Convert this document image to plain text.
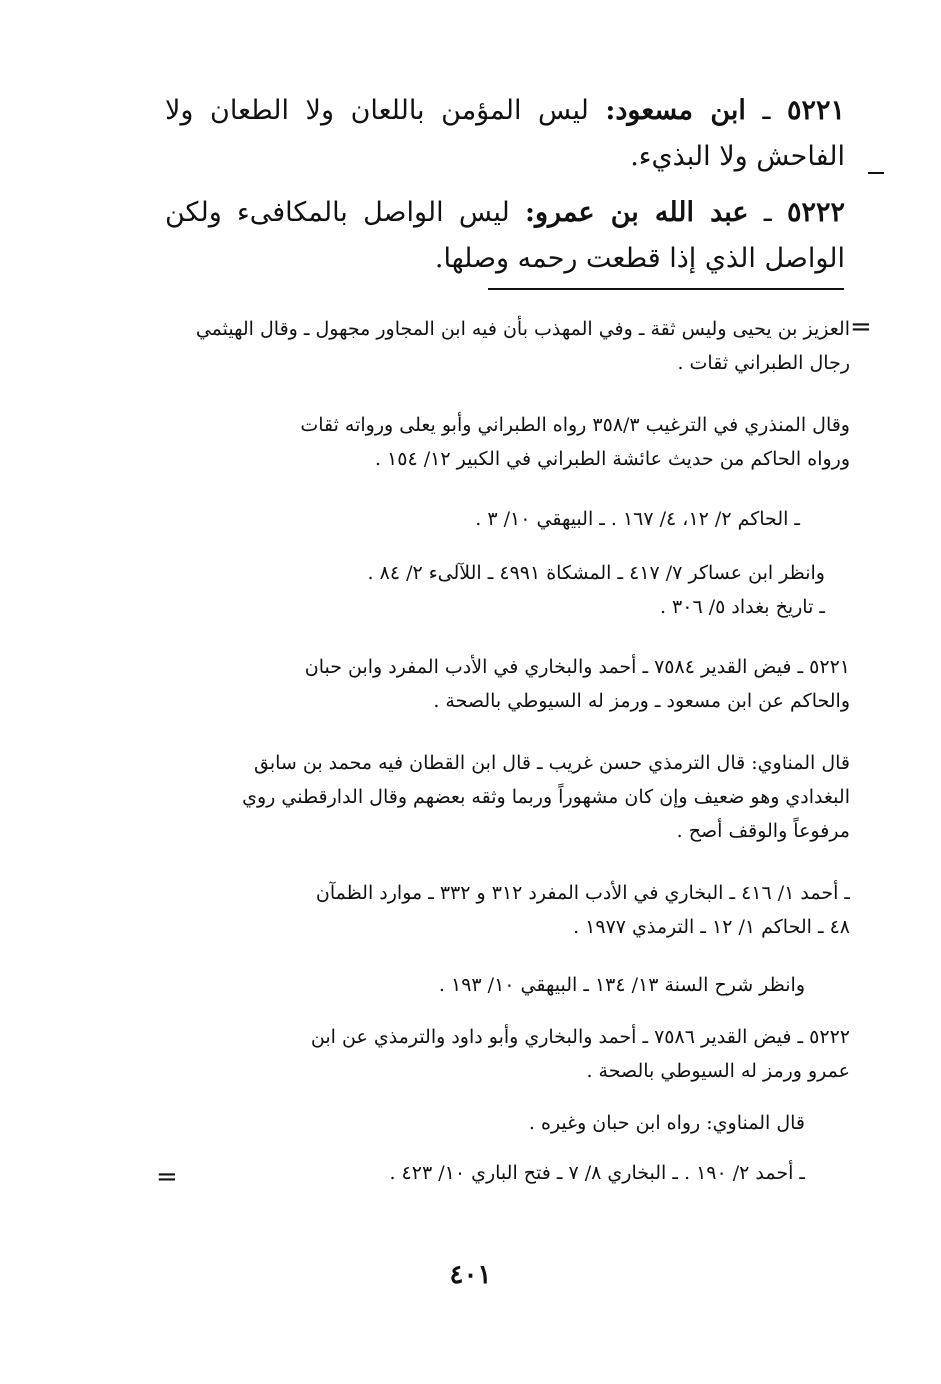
٥٢٢١ ـ ابن مسعود: ليس المؤمن باللعان ولا الطعان ولا
الفاحش ولا البذيء.
٥٢٢٢ ـ عبد الله بن عمرو: ليس الواصل بالمكافىء ولكن
الواصل الذي إذا قطعت رحمه وصلها.
=

العزيز بن يحيى وليس ثقة ـ وفي المهذب بأن فيه ابن المجاور مجهول ـ وقال الهيثمي

رجال الطبراني ثقات .

وقال المنذري في الترغيب ٣٥٨/٣ رواه الطبراني وأبو يعلى ورواته ثقات

ورواه الحاكم من حديث عائشة الطبراني في الكبير ١٢/ ١٥٤ .

ـ الحاكم ٢/ ١٢، ٤/ ١٦٧ . ـ البيهقي ١٠/ ٣ .

وانظر ابن عساكر ٧/ ٤١٧ ـ المشكاة ٤٩٩١ ـ اللآلىء ٢/ ٨٤ .

ـ تاريخ بغداد ٥/ ٣٠٦ .

٥٢٢١ ـ فيض القدير ٧٥٨٤ ـ أحمد والبخاري في الأدب المفرد وابن حبان

والحاكم عن ابن مسعود ـ ورمز له السيوطي بالصحة .

قال المناوي: قال الترمذي حسن غريب ـ قال ابن القطان فيه محمد بن سابق

البغدادي وهو ضعيف وإن كان مشهوراً وربما وثقه بعضهم وقال الدارقطني روي

مرفوعاً والوقف أصح .

ـ أحمد ١/ ٤١٦ ـ البخاري في الأدب المفرد ٣١٢ و ٣٣٢ ـ موارد الظمآن

٤٨ ـ الحاكم ١/ ١٢ ـ الترمذي ١٩٧٧ .

وانظر شرح السنة ١٣/ ١٣٤ ـ البيهقي ١٠/ ١٩٣ .

٥٢٢٢ ـ فيض القدير ٧٥٨٦ ـ أحمد والبخاري وأبو داود والترمذي عن ابن

عمرو ورمز له السيوطي بالصحة .

قال المناوي: رواه ابن حبان وغيره .

ـ أحمد ٢/ ١٩٠ . ـ البخاري ٨/ ٧ ـ فتح الباري ١٠/ ٤٢٣ .

=
٤٠١
